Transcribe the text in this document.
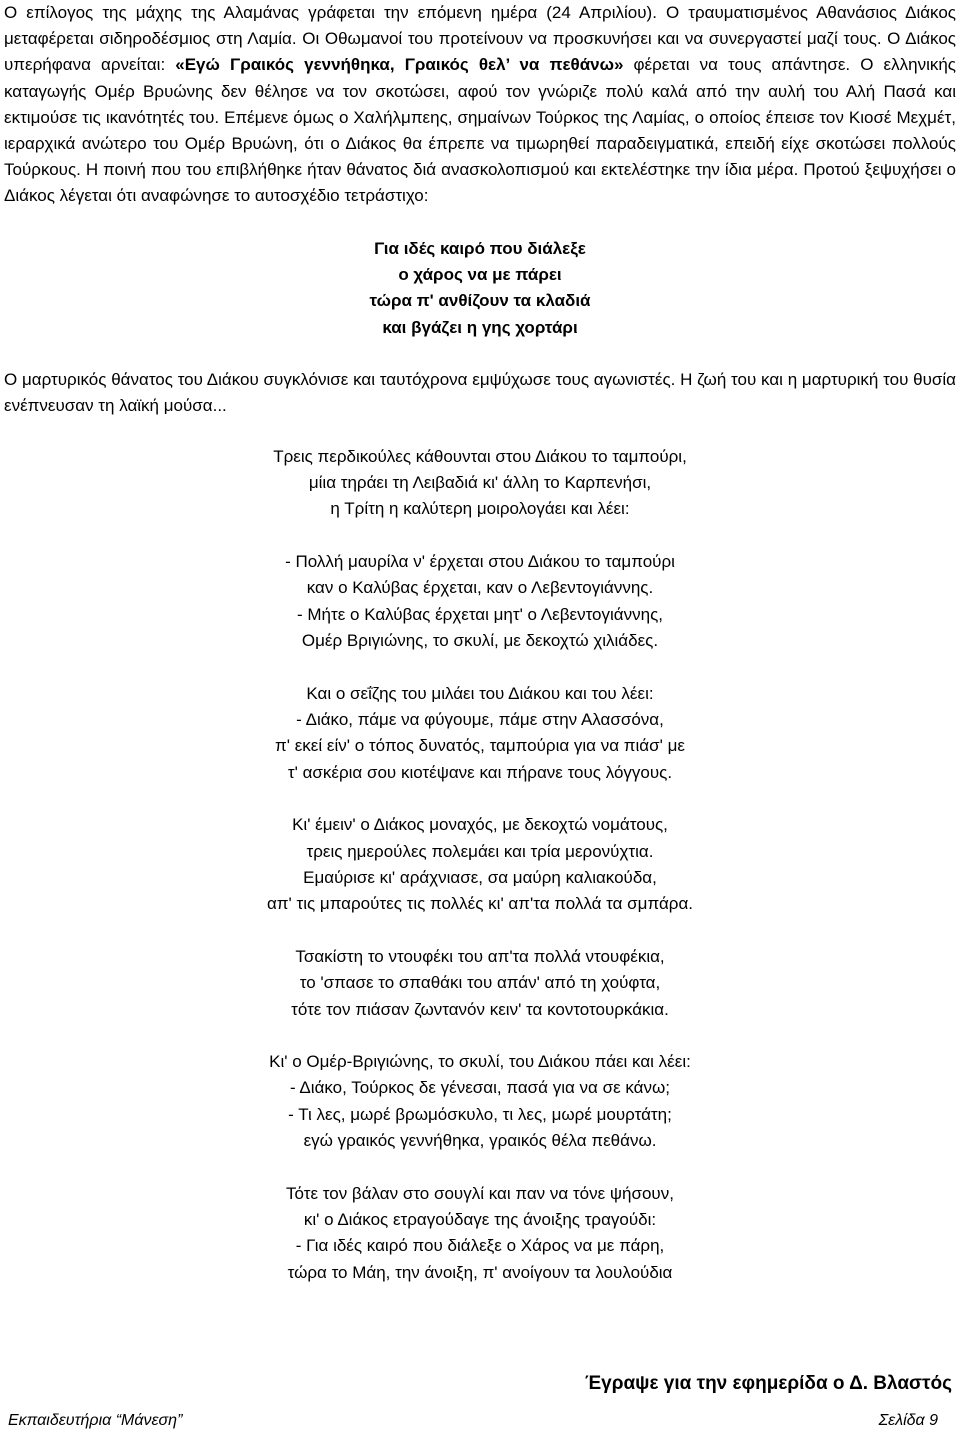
Ο επίλογος της μάχης της Αλαμάνας γράφεται την επόμενη ημέρα (24 Απριλίου). Ο τραυματισμένος Αθανάσιος Διάκος μεταφέρεται σιδηροδέσμιος στη Λαμία. Οι Οθωμανοί του προτείνουν να προσκυνήσει και να συνεργαστεί μαζί τους. Ο Διάκος υπερήφανα αρνείται: «Εγώ Γραικός γεννήθηκα, Γραικός θελ’ να πεθάνω» φέρεται να τους απάντησε. Ο ελληνικής καταγωγής Ομέρ Βρυώνης δεν θέλησε να τον σκοτώσει, αφού τον γνώριζε πολύ καλά από την αυλή του Αλή Πασά και εκτιμούσε τις ικανότητές του. Επέμενε όμως ο Χαλήλμπεης, σημαίνων Τούρκος της Λαμίας, ο οποίος έπεισε τον Κιοσέ Μεχμέτ, ιεραρχικά ανώτερο του Ομέρ Βρυώνη, ότι ο Διάκος θα έπρεπε να τιμωρηθεί παραδειγματικά, επειδή είχε σκοτώσει πολλούς Τούρκους. Η ποινή που του επιβλήθηκε ήταν θάνατος διά ανασκολοπισμού και εκτελέστηκε την ίδια μέρα. Προτού ξεψυχήσει ο Διάκος λέγεται ότι αναφώνησε το αυτοσχέδιο τετράστιχο:

Για ιδές καιρό που διάλεξε
ο χάρος να με πάρει
τώρα π' ανθίζουν τα κλαδιά
και βγάζει η γης χορτάρι

Ο μαρτυρικός θάνατος του Διάκου συγκλόνισε και ταυτόχρονα εμψύχωσε τους αγωνιστές. Η ζωή του και η μαρτυρική του θυσία ενέπνευσαν τη λαϊκή μούσα...

Τρεις περδικούλες κάθουνται στου Διάκου το ταμπούρι,
μίια τηράει τη Λειβαδιά κι' άλλη το Καρπενήσι,
η Τρίτη η καλύτερη μοιρολογάει και λέει:
- Πολλή μαυρίλα ν' έρχεται στου Διάκου το ταμπούρι
καν ο Καλύβας έρχεται, καν ο Λεβεντογιάννης.
- Μήτε ο Καλύβας έρχεται μητ' ο Λεβεντογιάννης,
Ομέρ Βριγιώνης, το σκυλί, με δεκοχτώ χιλιάδες.
Και ο σεΐζης του μιλάει του Διάκου και του λέει:
- Διάκο, πάμε να φύγουμε, πάμε στην Αλασσόνα,
π' εκεί είν' ο τόπος δυνατός, ταμπούρια για να πιάσ' με
τ' ασκέρια σου κιοτέψανε και πήρανε τους λόγγους.
Κι' έμειν' ο Διάκος μοναχός, με δεκοχτώ νομάτους,
τρεις ημερούλες πολεμάει και τρία μερονύχτια.
Εμαύρισε κι' αράχνιασε, σα μαύρη καλιακούδα,
απ' τις μπαρούτες τις πολλές κι' απ'τα πολλά τα σμπάρα.
Τσακίστη το ντουφέκι του απ'τα πολλά ντουφέκια,
το 'σπασε το σπαθάκι του απάν' από τη χούφτα,
τότε τον πιάσαν ζωντανόν κειν' τα κοντοτουρκάκια.
Κι' ο Ομέρ-Βριγιώνης, το σκυλί, του Διάκου πάει και λέει:
- Διάκο, Τούρκος δε γένεσαι, πασά για να σε κάνω;
- Τι λες, μωρέ βρωμόσκυλο, τι λες, μωρέ μουρτάτη;
εγώ γραικός γεννήθηκα, γραικός θέλα πεθάνω.
Τότε τον βάλαν στο σουγλί και παν να τόνε ψήσουν,
κι' ο Διάκος ετραγούδαγε της άνοιξης τραγούδι:
- Για ιδές καιρό που διάλεξε ο Χάρος να με πάρη,
τώρα το Μάη, την άνοιξη, π' ανοίγουν τα λουλούδια
Έγραψε για την εφημερίδα ο Δ. Βλαστός
Εκπαιδευτήρια “Μάνεση”	Σελίδα 9
